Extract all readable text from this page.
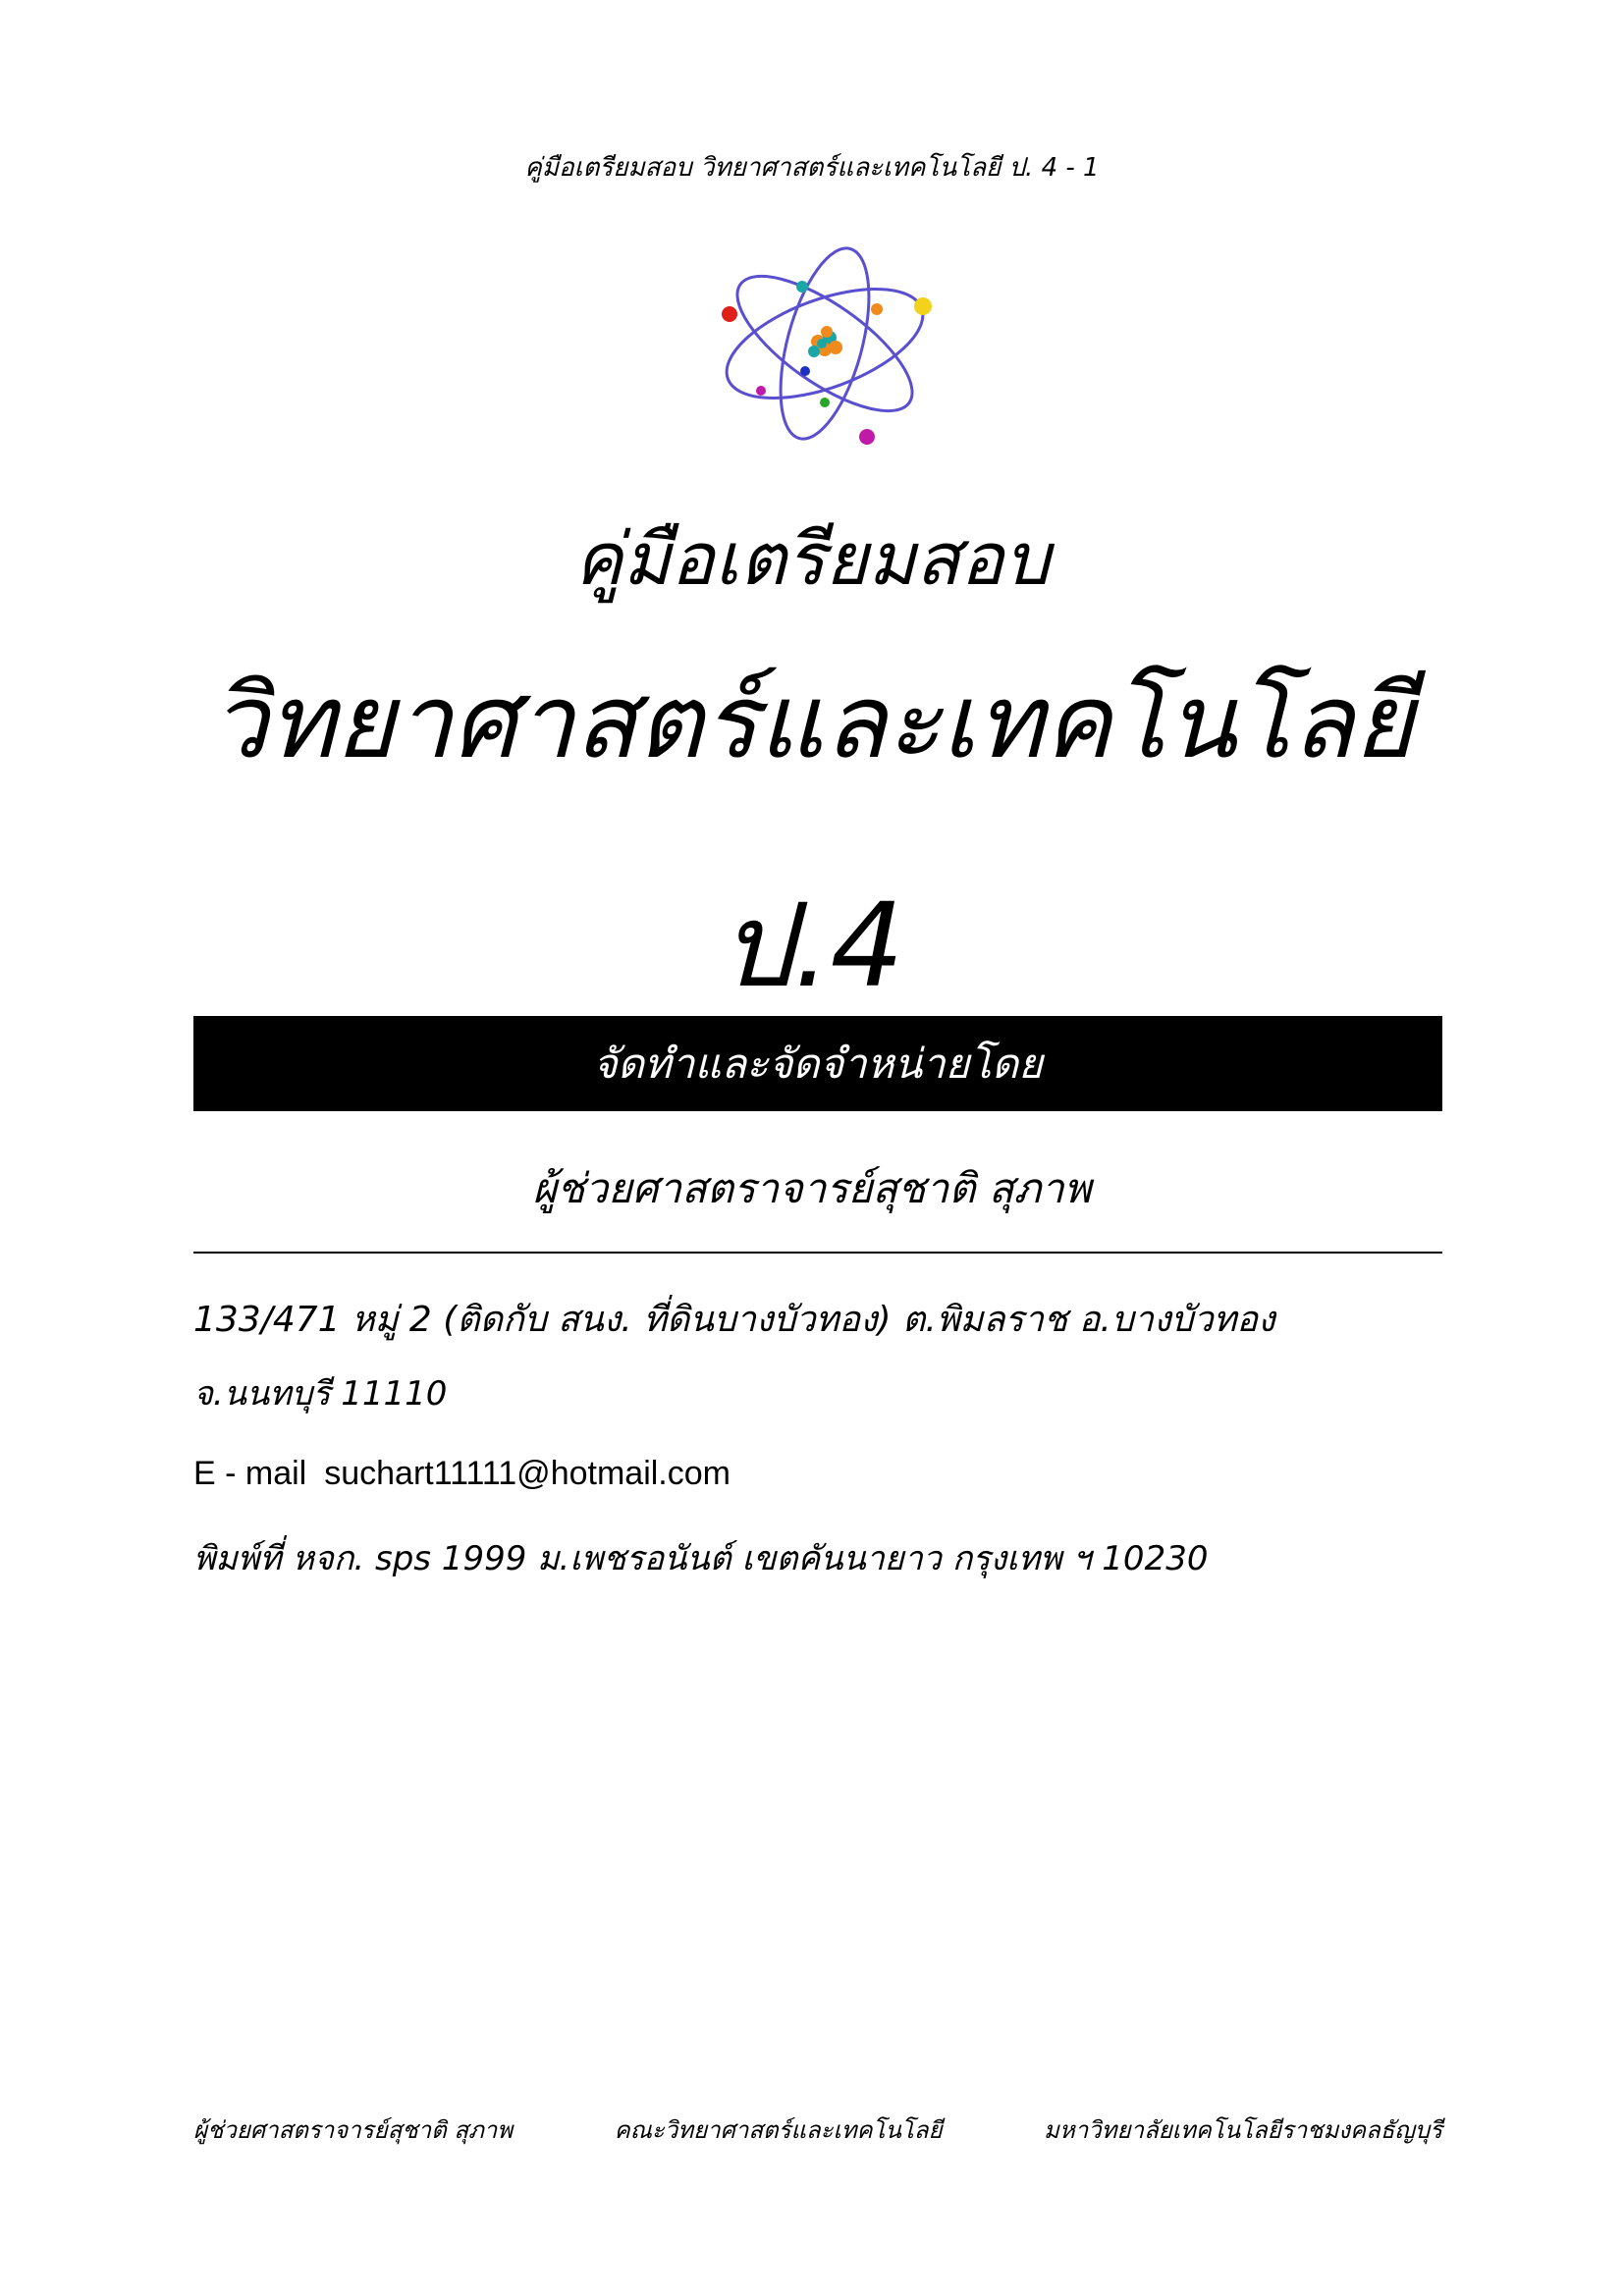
คู่มือเตรียมสอบ วิทยาศาสตร์และเทคโนโลยี ป. 4 - 1
คู่มือเตรียมสอบ
วิทยาศาสตร์และเทคโนโลยี
ป.4
จัดทำและจัดจำหน่ายโดย
ผู้ช่วยศาสตราจารย์สุชาติ สุภาพ
133/471 หมู่ 2 (ติดกับ สนง. ที่ดินบางบัวทอง) ต.พิมลราช อ.บางบัวทอง
จ.นนทบุรี 11110
E - mail suchart11111@hotmail.com
พิมพ์ที่ หจก. sps 1999 ม.เพชรอนันต์ เขตคันนายาว กรุงเทพ ฯ 10230
ผู้ช่วยศาสตราจารย์สุชาติ สุภาพ	คณะวิทยาศาสตร์และเทคโนโลยี	มหาวิทยาลัยเทคโนโลยีราชมงคลธัญบุรี
